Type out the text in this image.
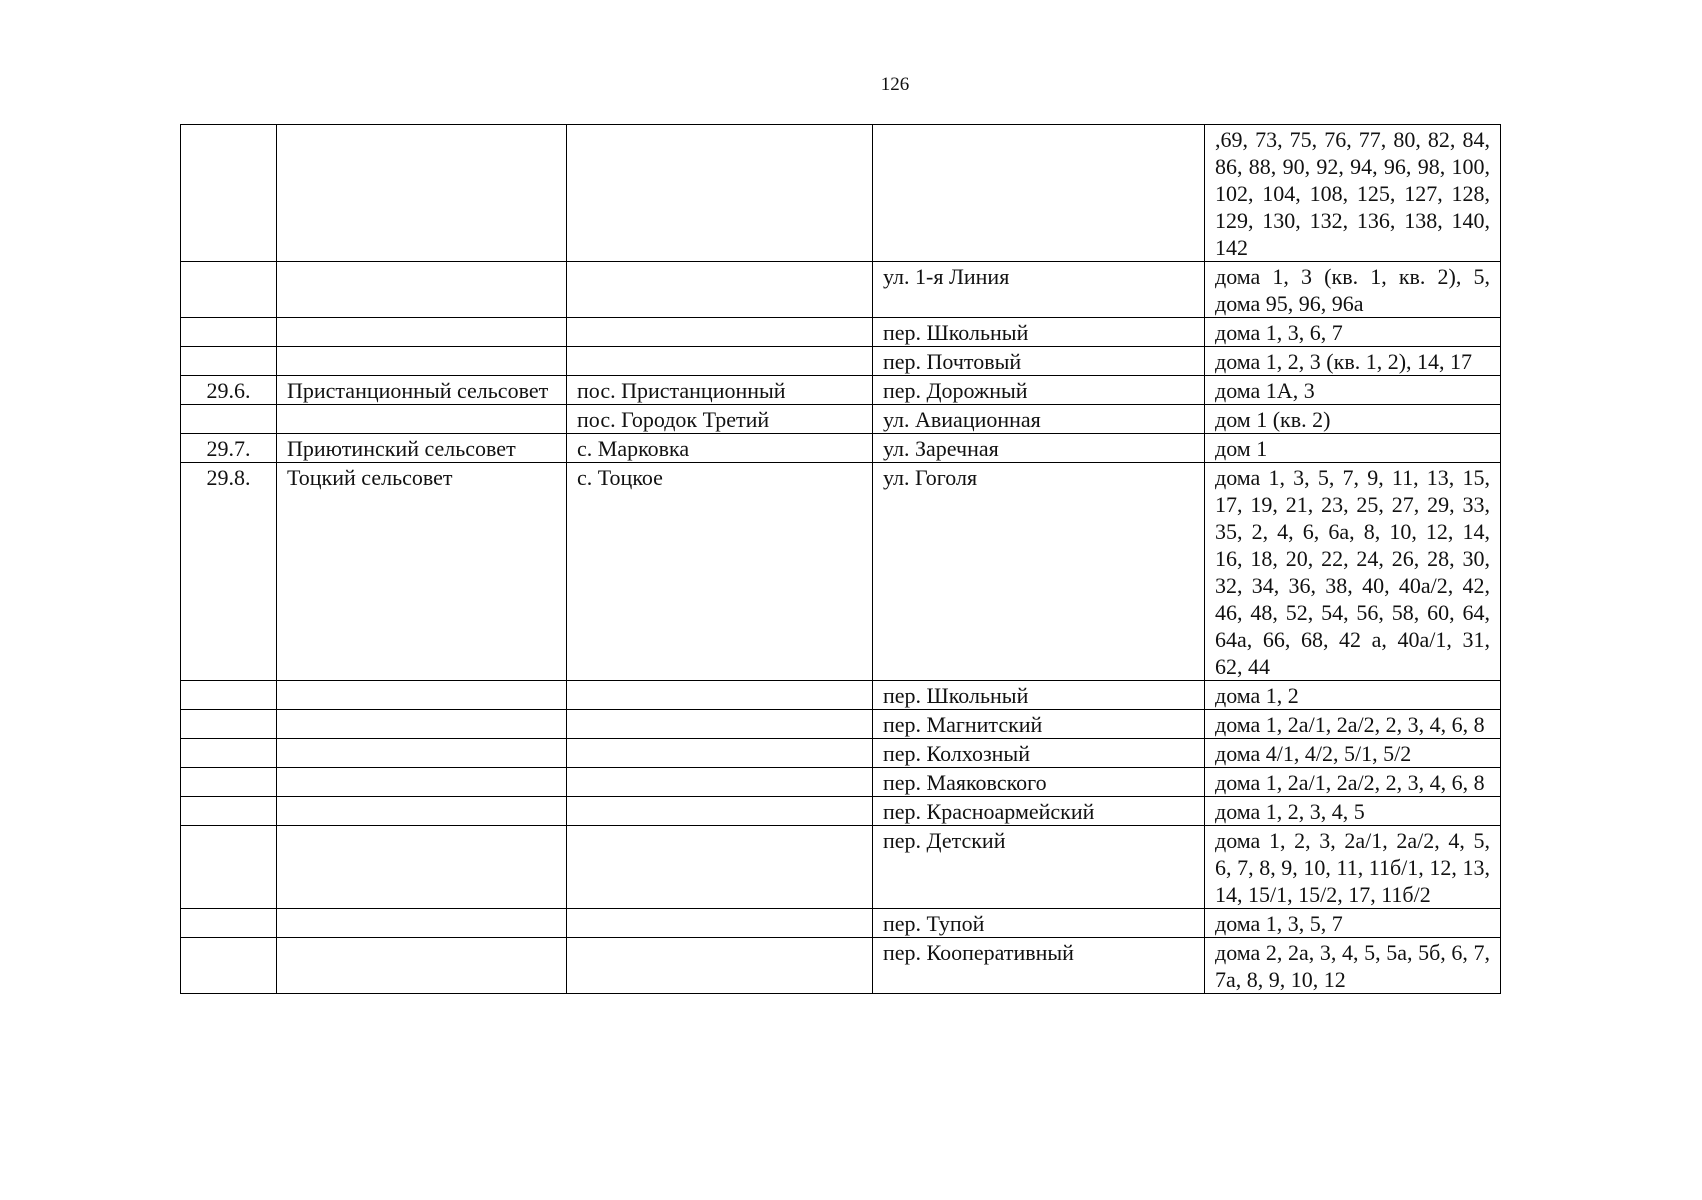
126
				,69, 73, 75, 76, 77, 80, 82, 84, 86, 88, 90, 92, 94, 96, 98, 100, 102, 104, 108, 125, 127, 128, 129, 130, 132, 136, 138, 140, 142
			ул. 1-я Линия	дома 1, 3 (кв. 1, кв. 2), 5, дома 95, 96, 96а
			пер. Школьный	дома 1, 3, 6, 7
			пер. Почтовый	дома 1, 2, 3 (кв. 1, 2), 14, 17
29.6.	Пристанционный сельсовет	пос. Пристанционный	пер. Дорожный	дома 1А, 3
		пос. Городок Третий	ул. Авиационная	дом 1 (кв. 2)
29.7.	Приютинский сельсовет	с. Марковка	ул. Заречная	дом 1
29.8.	Тоцкий сельсовет	с. Тоцкое	ул. Гоголя	дома 1, 3, 5, 7, 9, 11, 13, 15, 17, 19, 21, 23, 25, 27, 29, 33, 35, 2, 4, 6, 6а, 8, 10, 12, 14, 16, 18, 20, 22, 24, 26, 28, 30, 32, 34, 36, 38, 40, 40а/2, 42, 46, 48, 52, 54, 56, 58, 60, 64, 64а, 66, 68, 42 а, 40а/1, 31, 62, 44
			пер. Школьный	дома 1, 2
			пер. Магнитский	дома 1, 2а/1, 2а/2, 2, 3, 4, 6, 8
			пер. Колхозный	дома 4/1, 4/2, 5/1, 5/2
			пер. Маяковского	дома 1, 2а/1, 2а/2, 2, 3, 4, 6, 8
			пер. Красноармейский	дома 1, 2, 3, 4, 5
			пер. Детский	дома 1, 2, 3, 2а/1, 2а/2, 4, 5, 6, 7, 8, 9, 10, 11, 11б/1, 12, 13, 14, 15/1, 15/2, 17, 11б/2
			пер. Тупой	дома 1, 3, 5, 7
			пер. Кооперативный	дома 2, 2а, 3, 4, 5, 5а, 5б, 6, 7, 7а, 8, 9, 10, 12
